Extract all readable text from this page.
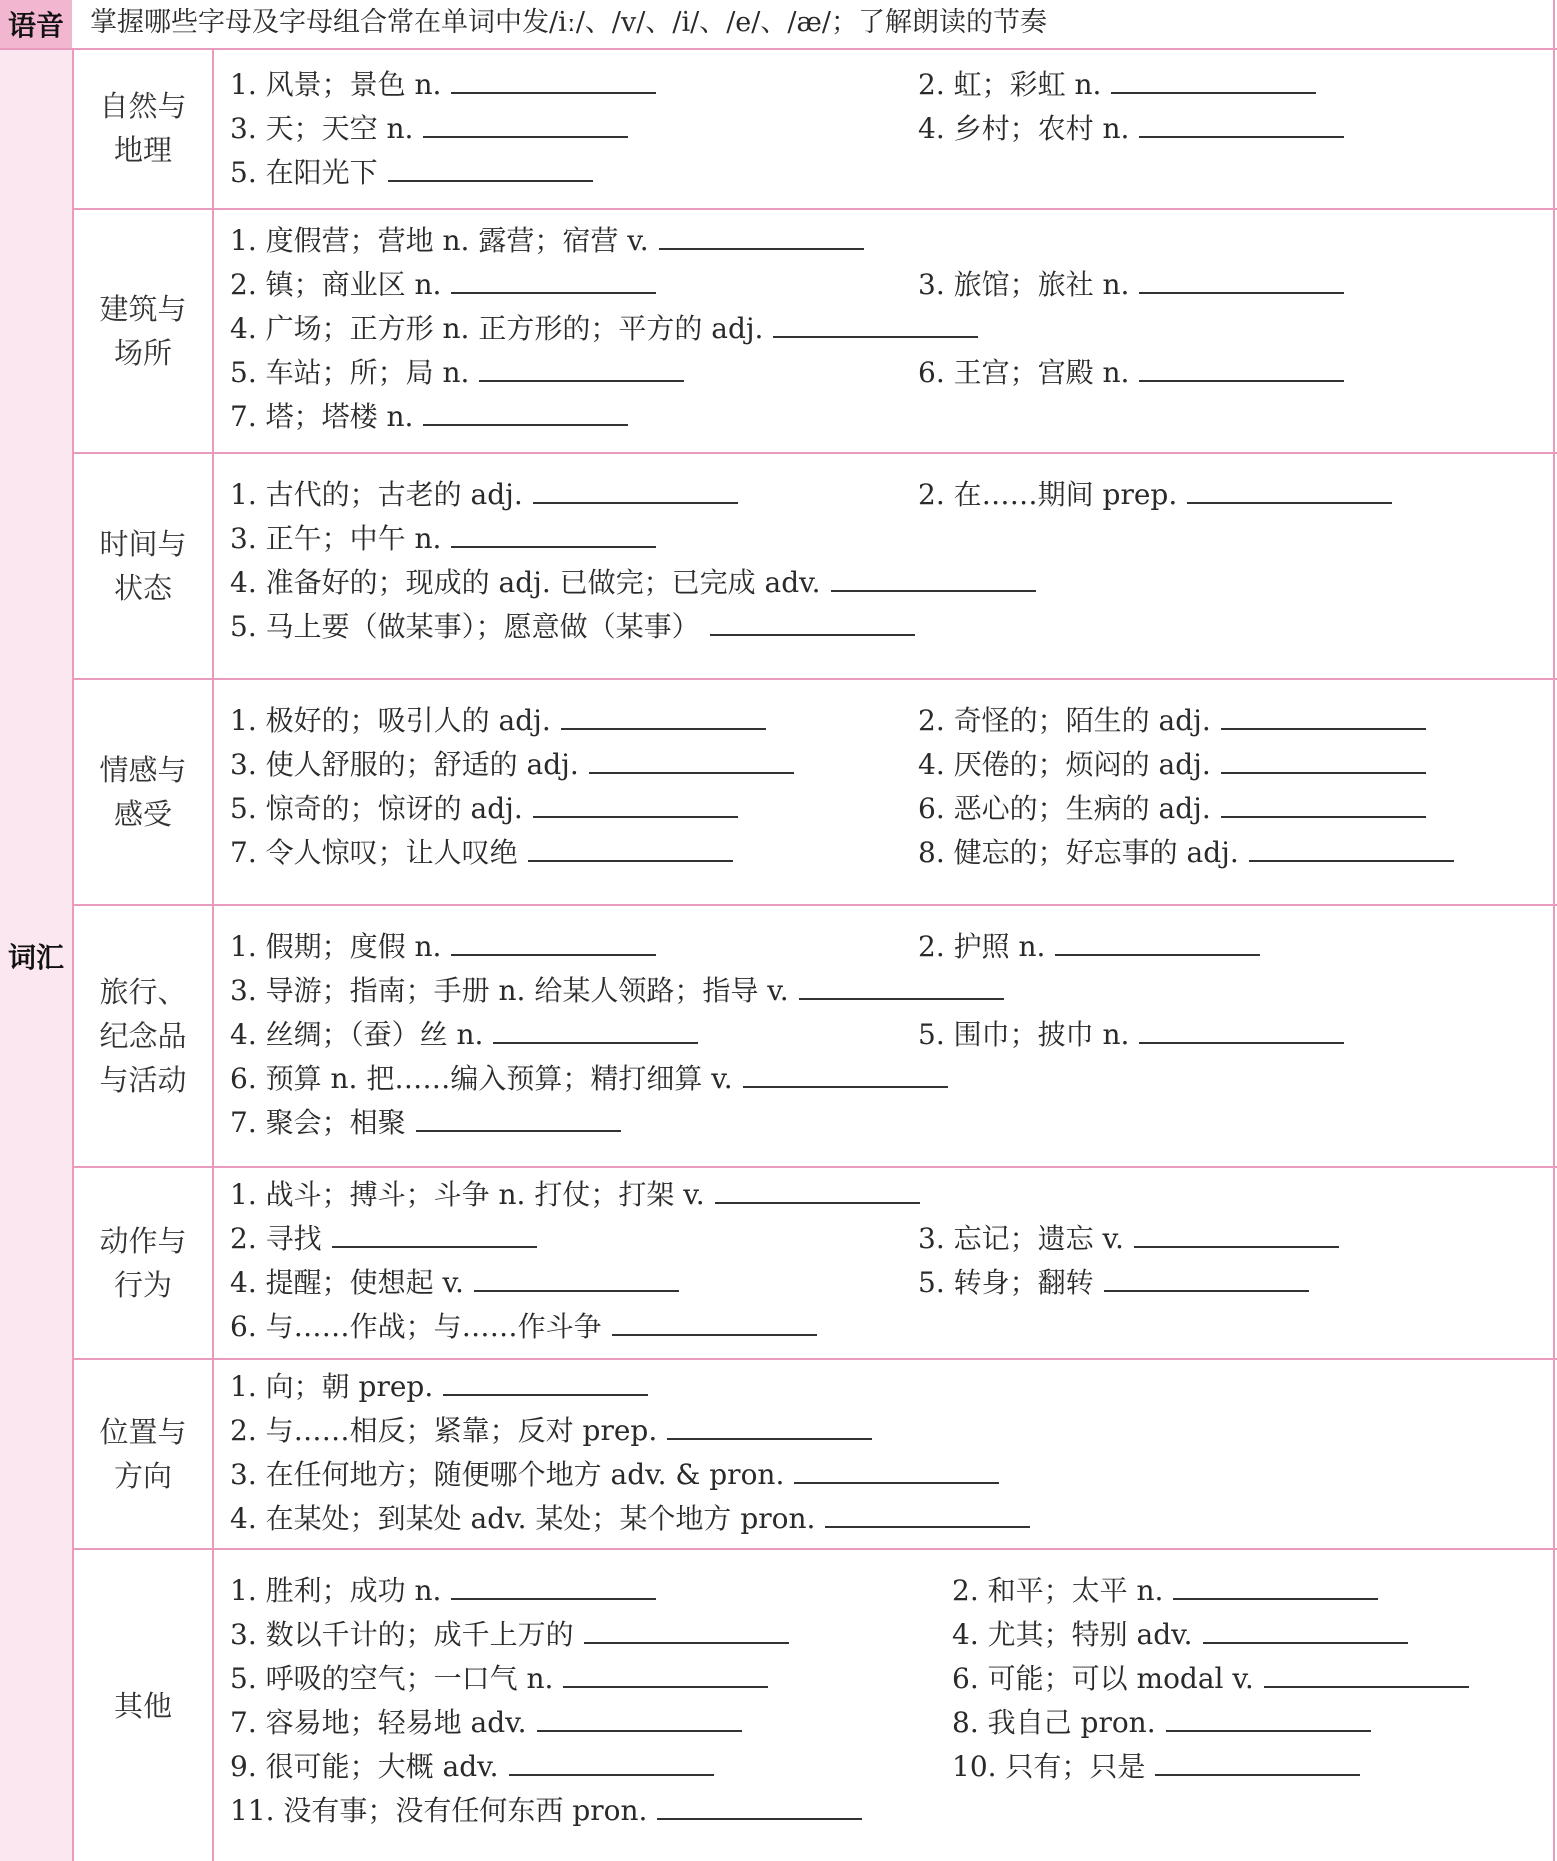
语音 掌握哪些字母及字母组合常在单词中发/iː/、/v/、/i/、/e/、/æ/；了解朗读的节奏
词汇
自然与
地理
1. 风景；景色 n.	2. 虹；彩虹 n.
3. 天；天空 n.	4. 乡村；农村 n.
5. 在阳光下
建筑与
场所
1. 度假营；营地 n. 露营；宿营 v.
2. 镇；商业区 n.	3. 旅馆；旅社 n.
4. 广场；正方形 n. 正方形的；平方的 adj.
5. 车站；所；局 n.	6. 王宫；宫殿 n.
7. 塔；塔楼 n.
时间与
状态
1. 古代的；古老的 adj.	2. 在……期间 prep.
3. 正午；中午 n.
4. 准备好的；现成的 adj. 已做完；已完成 adv.
5. 马上要（做某事）；愿意做（某事）
情感与
感受
1. 极好的；吸引人的 adj.	2. 奇怪的；陌生的 adj.
3. 使人舒服的；舒适的 adj.	4. 厌倦的；烦闷的 adj.
5. 惊奇的；惊讶的 adj.	6. 恶心的；生病的 adj.
7. 令人惊叹；让人叹绝	8. 健忘的；好忘事的 adj.
旅行、
纪念品
与活动
1. 假期；度假 n.	2. 护照 n.
3. 导游；指南；手册 n. 给某人领路；指导 v.
4. 丝绸；（蚕）丝 n.	5. 围巾；披巾 n.
6. 预算 n. 把……编入预算；精打细算 v.
7. 聚会；相聚
动作与
行为
1. 战斗；搏斗；斗争 n. 打仗；打架 v.
2. 寻找	3. 忘记；遗忘 v.
4. 提醒；使想起 v.	5. 转身；翻转
6. 与……作战；与……作斗争
位置与
方向
1. 向；朝 prep.
2. 与……相反；紧靠；反对 prep.
3. 在任何地方；随便哪个地方 adv. & pron.
4. 在某处；到某处 adv. 某处；某个地方 pron.
其他
1. 胜利；成功 n.	2. 和平；太平 n.
3. 数以千计的；成千上万的	4. 尤其；特别 adv.
5. 呼吸的空气；一口气 n.	6. 可能；可以 modal v.
7. 容易地；轻易地 adv.	8. 我自己 pron.
9. 很可能；大概 adv.	10. 只有；只是
11. 没有事；没有任何东西 pron.
